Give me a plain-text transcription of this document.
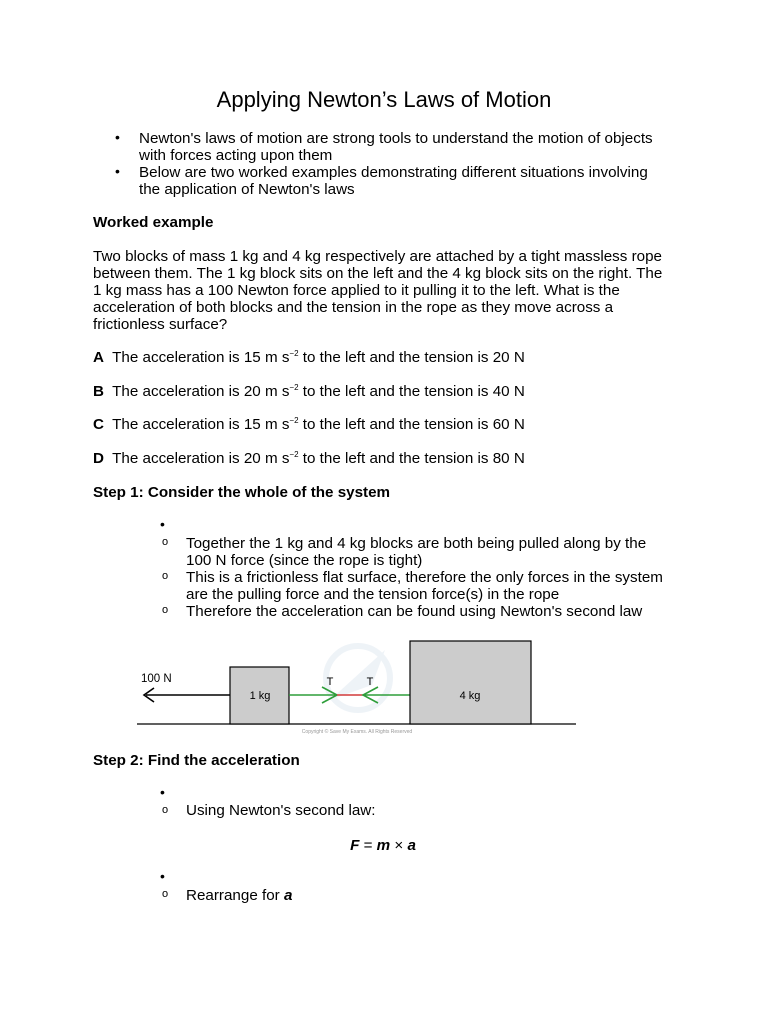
Applying Newton’s Laws of Motion
• Newton's laws of motion are strong tools to understand the motion of objects
with forces acting upon them
• Below are two worked examples demonstrating different situations involving
the application of Newton's laws
Worked example
Two blocks of mass 1 kg and 4 kg respectively are attached by a tight massless rope
between them. The 1 kg block sits on the left and the 4 kg block sits on the right. The
1 kg mass has a 100 Newton force applied to it pulling it to the left. What is the
acceleration of both blocks and the tension in the rope as they move across a
frictionless surface?
A The acceleration is 15 m $s^{-2}$ to the left and the tension is 20 N
B The acceleration is 20 m $s^{-2}$ to the left and the tension is 40 N
C The acceleration is 15 m $s^{-2}$ to the left and the tension is 60 N
D The acceleration is 20 m $s^{-2}$ to the left and the tension is 80 N
Step 1: Consider the whole of the system
•
o Together the 1 kg and 4 kg blocks are both being pulled along by the
100 N force (since the rope is tight)
o This is a frictionless flat surface, therefore the only forces in the system
are the pulling force and the tension force(s) in the rope
o Therefore the acceleration can be found using Newton's second law
100 N
1 kg
T	T
4 kg
Copyright © Save My Exams. All Rights Reserved
Step 2: Find the acceleration
•
o Using Newton's second law:
F = m × a
•
o Rearrange for a
